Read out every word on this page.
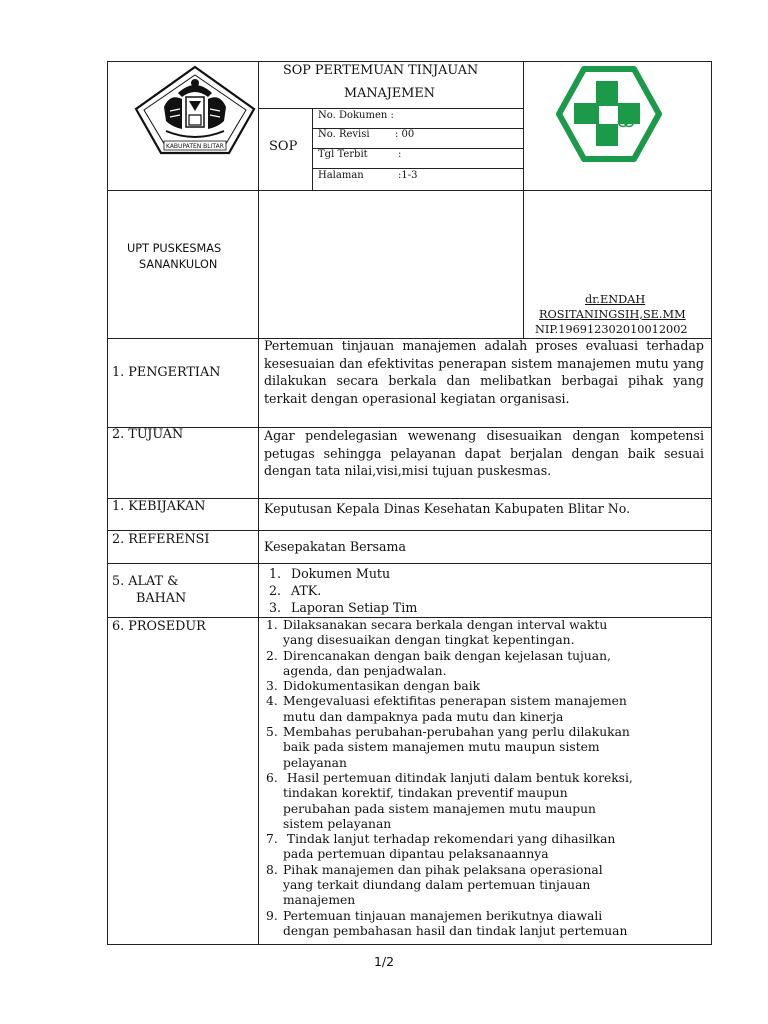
KABUPATEN BLITAR
SOP PERTEMUAN TINJAUAN
MANAJEMEN
SOP
No. Dokumen :
No. Revisi	: 00
Tgl Terbit	:
Halaman	:1-3
UPT PUSKESMAS
SANANKULON
dr.ENDAH
ROSITANINGSIH,SE.MM
NIP.196912302010012002
1. PENGERTIAN
Pertemuan tinjauan manajemen adalah proses evaluasi terhadap kesesuaian dan efektivitas penerapan sistem manajemen mutu yang dilakukan secara berkala dan melibatkan berbagai pihak yang terkait dengan operasional kegiatan organisasi.
2. TUJUAN	Agar pendelegasian wewenang disesuaikan dengan kompetensi petugas sehingga pelayanan dapat berjalan dengan baik sesuai dengan tata nilai,visi,misi tujuan puskesmas.
1. KEBIJAKAN	Keputusan Kepala Dinas Kesehatan Kabupaten Blitar No.
2. REFERENSI	Kesepakatan Bersama
5. ALAT &
BAHAN
1. Dokumen Mutu
2. ATK.
3. Laporan Setiap Tim
6. PROSEDUR	1. Dilaksanakan secara berkala dengan interval waktu
yang disesuaikan dengan tingkat kepentingan.
2. Direncanakan dengan baik dengan kejelasan tujuan,
agenda, dan penjadwalan.
3. Didokumentasikan dengan baik
4. Mengevaluasi efektifitas penerapan sistem manajemen
mutu dan dampaknya pada mutu dan kinerja
5. Membahas perubahan-perubahan yang perlu dilakukan
baik pada sistem manajemen mutu maupun sistem
pelayanan
6. Hasil pertemuan ditindak lanjuti dalam bentuk koreksi,
tindakan korektif, tindakan preventif maupun
perubahan pada sistem manajemen mutu maupun
sistem pelayanan
7. Tindak lanjut terhadap rekomendari yang dihasilkan
pada pertemuan dipantau pelaksanaannya
8. Pihak manajemen dan pihak pelaksana operasional
yang terkait diundang dalam pertemuan tinjauan
manajemen
9. Pertemuan tinjauan manajemen berikutnya diawali
dengan pembahasan hasil dan tindak lanjut pertemuan
1/2
